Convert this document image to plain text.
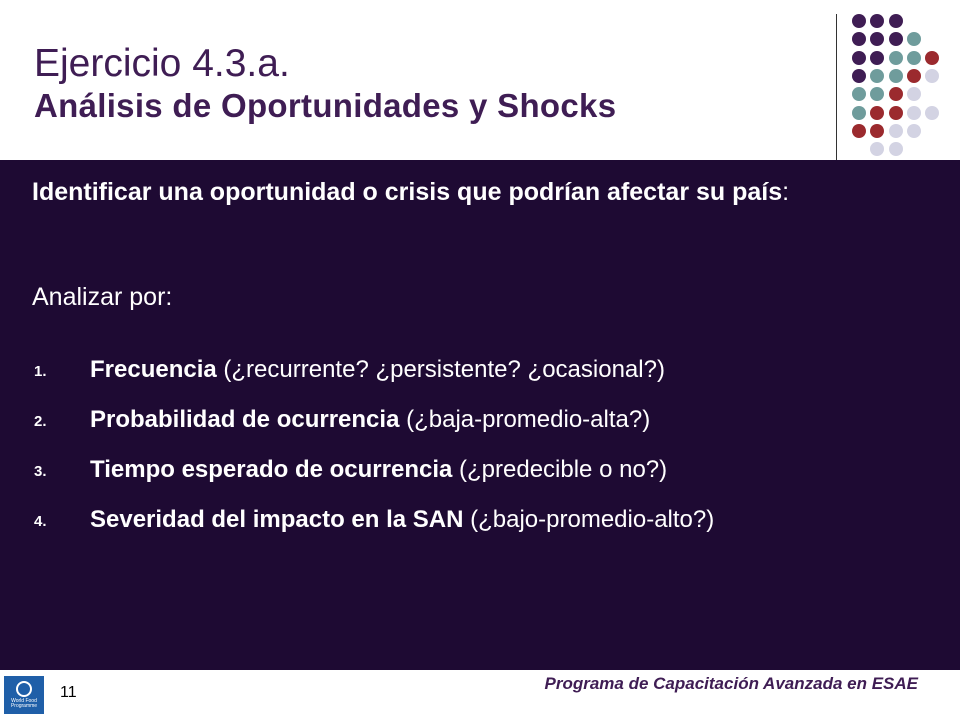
Ejercicio 4.3.a.
Análisis de Oportunidades y Shocks
Identificar una oportunidad o crisis que podrían afectar su país:
Analizar por:
1. Frecuencia (¿recurrente? ¿persistente? ¿ocasional?)
2. Probabilidad de ocurrencia (¿baja-promedio-alta?)
3. Tiempo esperado de ocurrencia (¿predecible o no?)
4. Severidad del impacto en la SAN (¿bajo-promedio-alto?)
World Food Programme
11	Programa de Capacitación Avanzada en ESAE
